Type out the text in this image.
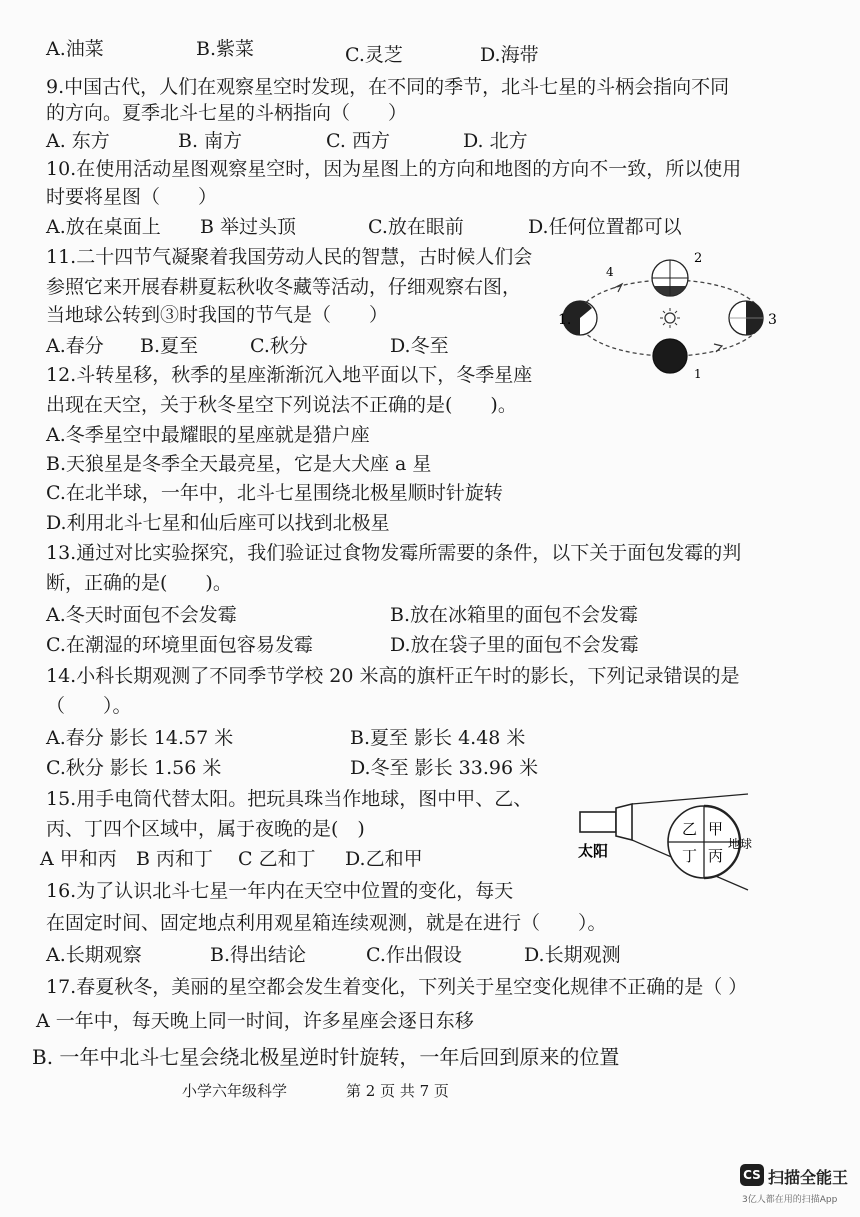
A.油菜	B.紫菜	C.灵芝	D.海带
9.中国古代，人们在观察星空时发现，在不同的季节，北斗七星的斗柄会指向不同
的方向。夏季北斗七星的斗柄指向（　　）
A. 东方	B. 南方	C. 西方	D. 北方
10.在使用活动星图观察星空时，因为星图上的方向和地图的方向不一致，所以使用
时要将星图（　　）
A.放在桌面上 B 举过头顶	C.放在眼前	D.任何位置都可以
11.二十四节气凝聚着我国劳动人民的智慧，古时候人们会
参照它来开展春耕夏耘秋收冬藏等活动，仔细观察右图，
当地球公转到③时我国的节气是（　　）
A.春分 B.夏至	C.秋分	D.冬至
1.
2
3
4
1
12.斗转星移，秋季的星座渐渐沉入地平面以下，冬季星座
出现在天空，关于秋冬星空下列说法不正确的是(　　)。
A.冬季星空中最耀眼的星座就是猎户座
B.天狼星是冬季全天最亮星，它是大犬座 a 星
C.在北半球，一年中，北斗七星围绕北极星顺时针旋转
D.利用北斗七星和仙后座可以找到北极星
13.通过对比实验探究，我们验证过食物发霉所需要的条件，以下关于面包发霉的判
断，正确的是(　　)。
A.冬天时面包不会发霉	B.放在冰箱里的面包不会发霉
C.在潮湿的环境里面包容易发霉	D.放在袋子里的面包不会发霉
14.小科长期观测了不同季节学校 20 米高的旗杆正午时的影长，下列记录错误的是
（　　）。
A.春分 影长 14.57 米	B.夏至 影长 4.48 米
C.秋分 影长 1.56 米	D.冬至 影长 33.96 米
15.用手电筒代替太阳。把玩具珠当作地球，图中甲、乙、
丙、丁四个区域中，属于夜晚的是(　)
A 甲和丙 B 丙和丁 C 乙和丁 D.乙和甲
乙 甲
丁 丙
地球
太阳
16.为了认识北斗七星一年内在天空中位置的变化，每天
在固定时间、固定地点利用观星箱连续观测，就是在进行（　　）。
A.长期观察	B.得出结论	C.作出假设	D.长期观测
17.春夏秋冬，美丽的星空都会发生着变化，下列关于星空变化规律不正确的是（ ）
A 一年中，每天晚上同一时间，许多星座会逐日东移
B. 一年中北斗七星会绕北极星逆时针旋转，一年后回到原来的位置
小学六年级科学	第 2 页 共 7 页
CS 扫描全能王
3亿人都在用的扫描App
